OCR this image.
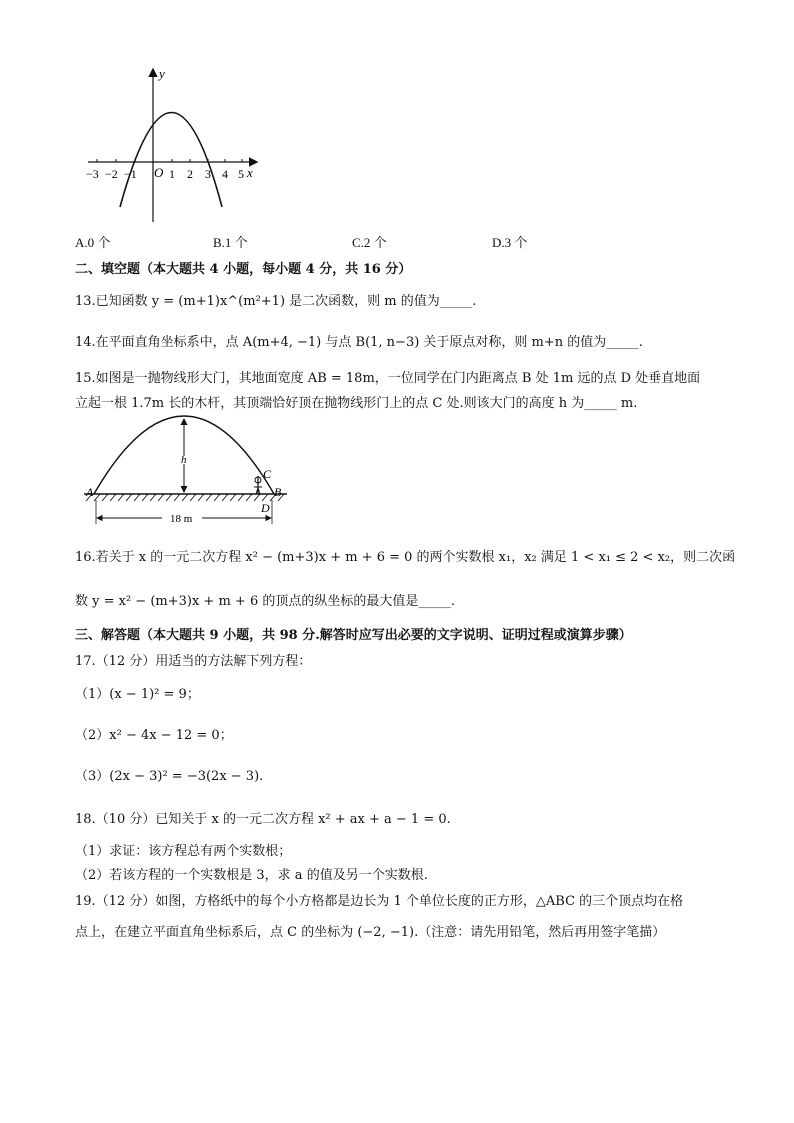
y
x
O
−3 −2 −1	1 2 3 4 5
A.0 个	B.1 个	C.2 个	D.3 个
二、填空题（本大题共 4 小题，每小题 4 分，共 16 分）
13.已知函数 y = (m+1)x^(m²+1) 是二次函数，则 m 的值为_____.
14.在平面直角坐标系中，点 A(m+4, −1) 与点 B(1, n−3) 关于原点对称，则 m+n 的值为_____.
15.如图是一抛物线形大门，其地面宽度 AB = 18m，一位同学在门内距离点 B 处 1m 远的点 D 处垂直地面
立起一根 1.7m 长的木杆，其顶端恰好顶在抛物线形门上的点 C 处.则该大门的高度 h 为_____ m.
h
A	B
C
D
18 m
16.若关于 x 的一元二次方程 x² − (m+3)x + m + 6 = 0 的两个实数根 x₁，x₂ 满足 1 < x₁ ≤ 2 < x₂，则二次函
数 y = x² − (m+3)x + m + 6 的顶点的纵坐标的最大值是_____.
三、解答题（本大题共 9 小题，共 98 分.解答时应写出必要的文字说明、证明过程或演算步骤）
17.（12 分）用适当的方法解下列方程：
（1）(x − 1)² = 9；
（2）x² − 4x − 12 = 0；
（3）(2x − 3)² = −3(2x − 3).
18.（10 分）已知关于 x 的一元二次方程 x² + ax + a − 1 = 0.
（1）求证：该方程总有两个实数根；
（2）若该方程的一个实数根是 3，求 a 的值及另一个实数根.
19.（12 分）如图，方格纸中的每个小方格都是边长为 1 个单位长度的正方形，△ABC 的三个顶点均在格
点上，在建立平面直角坐标系后，点 C 的坐标为 (−2, −1).（注意：请先用铅笔，然后再用签字笔描）
